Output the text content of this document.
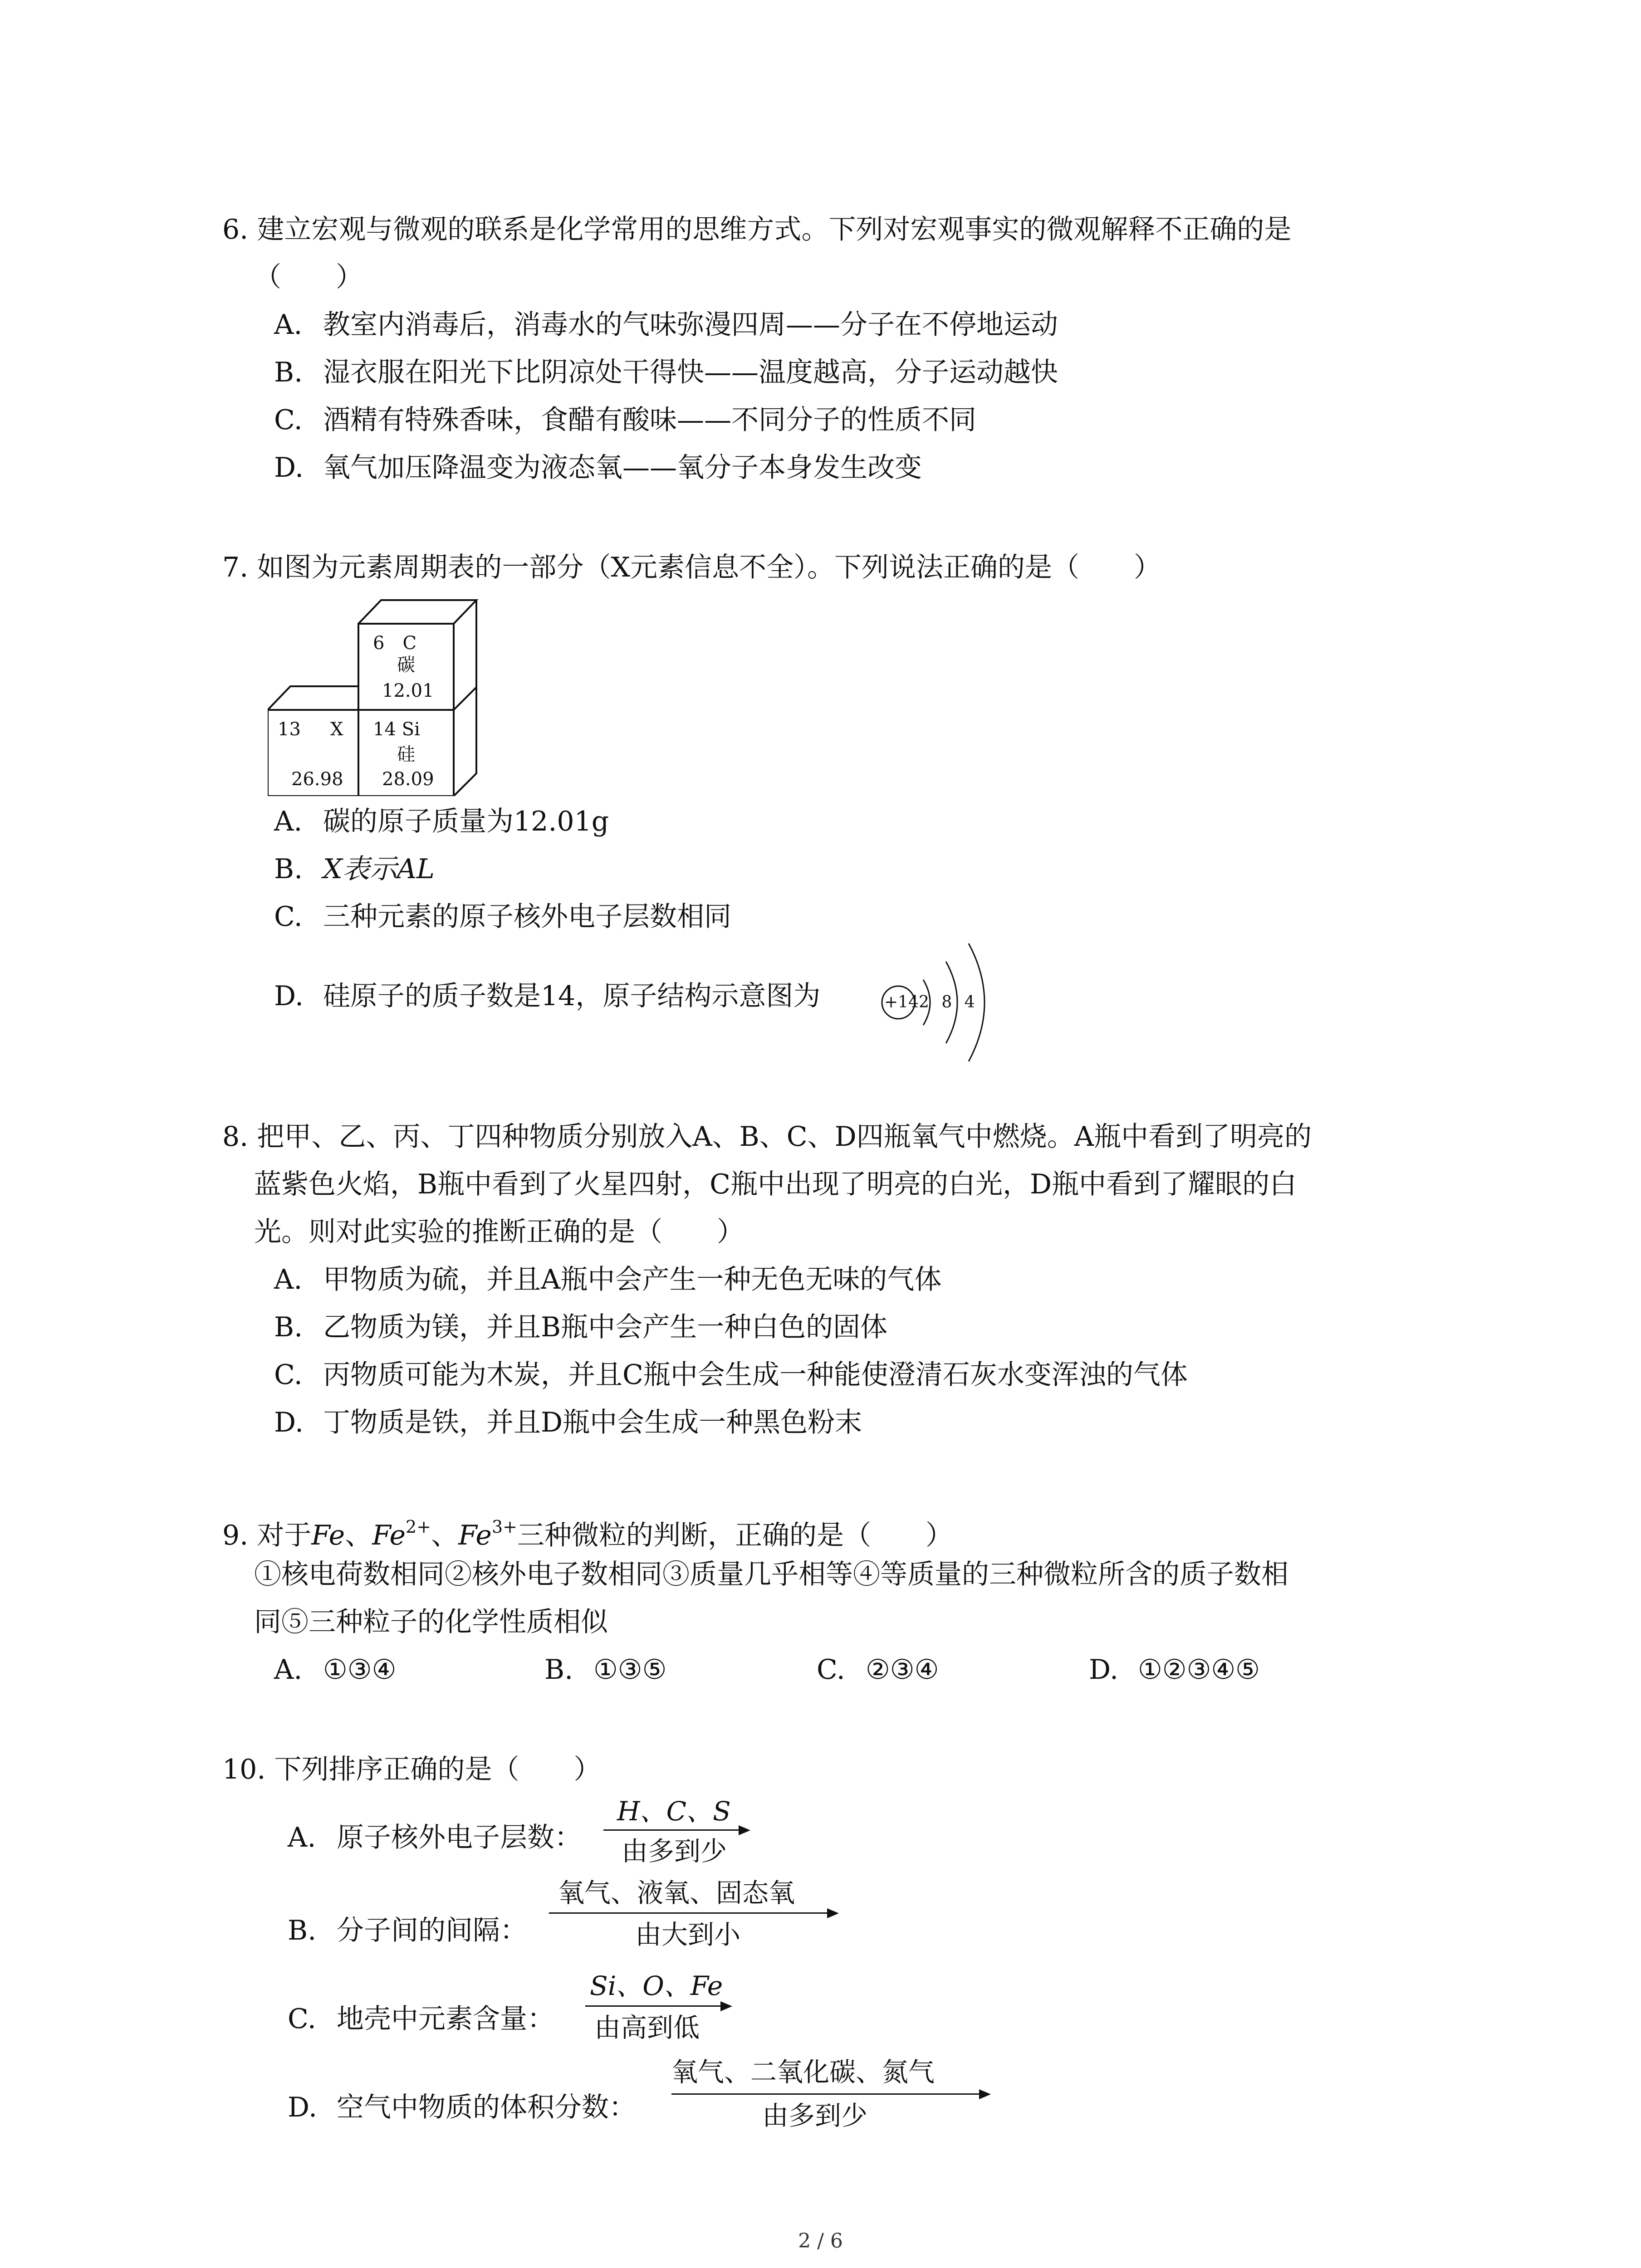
6. 建立宏观与微观的联系是化学常用的思维方式。下列对宏观事实的微观解释不正确的是
（　　）
A. 教室内消毒后，消毒水的气味弥漫四周——分子在不停地运动
B. 湿衣服在阳光下比阴凉处干得快——温度越高，分子运动越快
C. 酒精有特殊香味，食醋有酸味——不同分子的性质不同
D. 氧气加压降温变为液态氧——氧分子本身发生改变
7. 如图为元素周期表的一部分（X元素信息不全）。下列说法正确的是（　　）
6　C
碳
12.01
13 X
26.98
14 Si
硅
28.09
A. 碳的原子质量为12.01g
B. X表示AL
C. 三种元素的原子核外电子层数相同
D. 硅原子的质子数是14，原子结构示意图为	+14 2 8 4
8. 把甲、乙、丙、丁四种物质分别放入A、B、C、D四瓶氧气中燃烧。A瓶中看到了明亮的
蓝紫色火焰，B瓶中看到了火星四射，C瓶中出现了明亮的白光，D瓶中看到了耀眼的白
光。则对此实验的推断正确的是（　　）
A. 甲物质为硫，并且A瓶中会产生一种无色无味的气体
B. 乙物质为镁，并且B瓶中会产生一种白色的固体
C. 丙物质可能为木炭，并且C瓶中会生成一种能使澄清石灰水变浑浊的气体
D. 丁物质是铁，并且D瓶中会生成一种黑色粉末
9. 对于Fe、$Fe^{2+}$、$Fe^{3+}$三种微粒的判断，正确的是（　　）
①核电荷数相同②核外电子数相同③质量几乎相等④等质量的三种微粒所含的质子数相
同⑤三种粒子的化学性质相似
A. ①③④	B. ①③⑤	C. ②③④	D. ①②③④⑤
10. 下列排序正确的是（　　）
A. 原子核外电子层数：
H、C、S
由多到少
B. 分子间的间隔：
氧气、液氧、固态氧
由大到小
C. 地壳中元素含量：
Si、O、Fe
由高到低
D. 空气中物质的体积分数：
氧气、二氧化碳、氮气
由多到少
2 / 6
